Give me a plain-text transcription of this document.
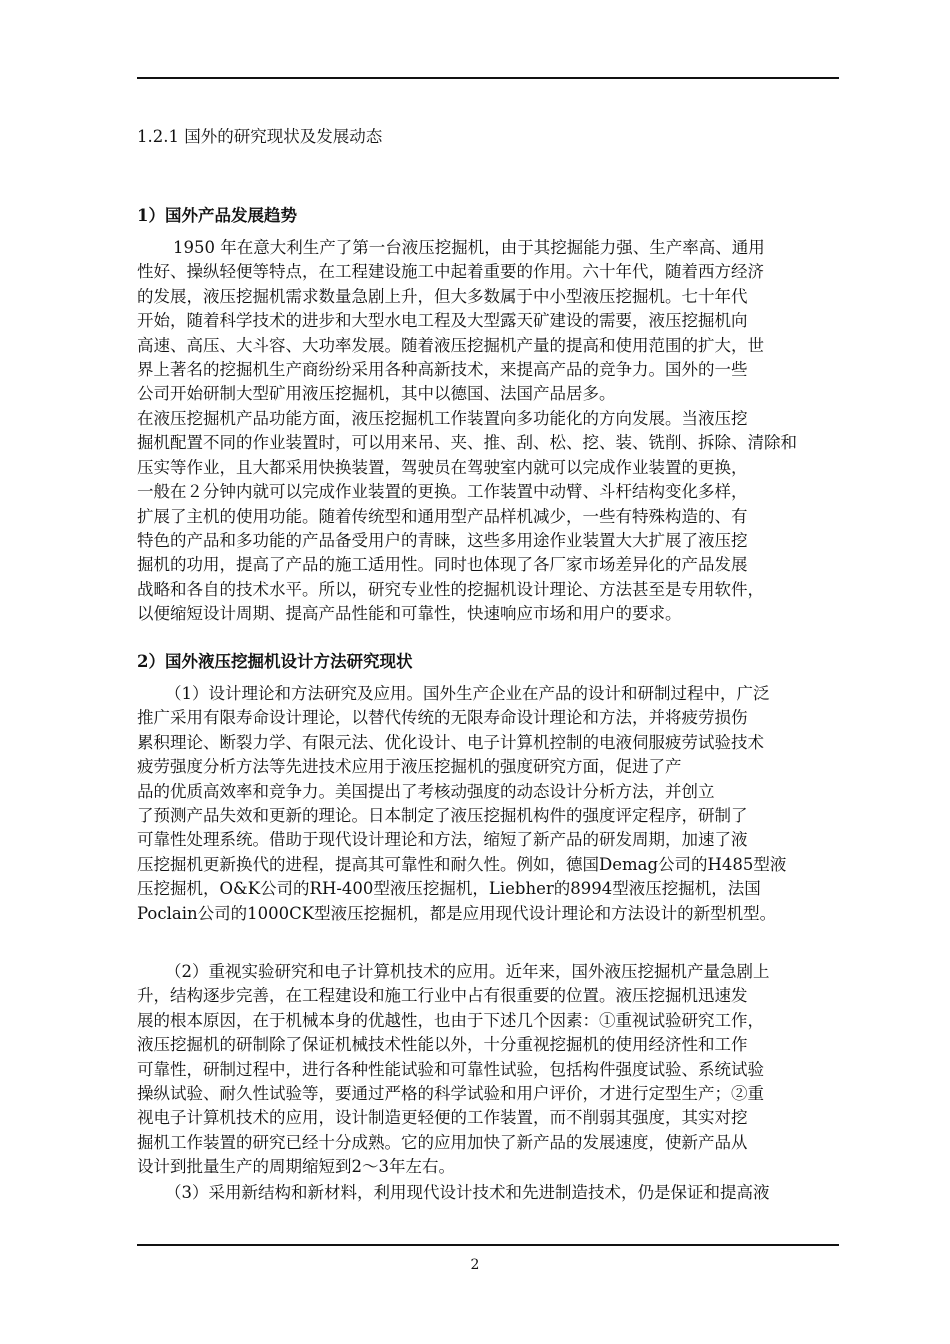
1.2.1 国外的研究现状及发展动态
1）国外产品发展趋势
1950 年在意大利生产了第一台液压挖掘机，由于其挖掘能力强、生产率高、通用
性好、操纵轻便等特点，在工程建设施工中起着重要的作用。六十年代，随着西方经济
的发展，液压挖掘机需求数量急剧上升，但大多数属于中小型液压挖掘机。七十年代
开始，随着科学技术的进步和大型水电工程及大型露天矿建设的需要，液压挖掘机向
高速、高压、大斗容、大功率发展。随着液压挖掘机产量的提高和使用范围的扩大，世
界上著名的挖掘机生产商纷纷采用各种高新技术，来提高产品的竞争力。国外的一些
公司开始研制大型矿用液压挖掘机，其中以德国、法国产品居多。
在液压挖掘机产品功能方面，液压挖掘机工作装置向多功能化的方向发展。当液压挖
掘机配置不同的作业装置时，可以用来吊、夹、推、刮、松、挖、装、铣削、拆除、清除和
压实等作业，且大都采用快换装置，驾驶员在驾驶室内就可以完成作业装置的更换，
一般在２分钟内就可以完成作业装置的更换。工作装置中动臂、斗杆结构变化多样，
扩展了主机的使用功能。随着传统型和通用型产品样机减少，一些有特殊构造的、有
特色的产品和多功能的产品备受用户的青睐，这些多用途作业装置大大扩展了液压挖
掘机的功用，提高了产品的施工适用性。同时也体现了各厂家市场差异化的产品发展
战略和各自的技术水平。所以，研究专业性的挖掘机设计理论、方法甚至是专用软件，
以便缩短设计周期、提高产品性能和可靠性，快速响应市场和用户的要求。
2）国外液压挖掘机设计方法研究现状
（1）设计理论和方法研究及应用。国外生产企业在产品的设计和研制过程中，广泛
推广采用有限寿命设计理论，以替代传统的无限寿命设计理论和方法，并将疲劳损伤
累积理论、断裂力学、有限元法、优化设计、电子计算机控制的电液伺服疲劳试验技术
疲劳强度分析方法等先进技术应用于液压挖掘机的强度研究方面，促进了产
品的优质高效率和竞争力。美国提出了考核动强度的动态设计分析方法，并创立
了预测产品失效和更新的理论。日本制定了液压挖掘机构件的强度评定程序，研制了
可靠性处理系统。借助于现代设计理论和方法，缩短了新产品的研发周期，加速了液
压挖掘机更新换代的进程，提高其可靠性和耐久性。例如，德国Demag公司的H485型液
压挖掘机，O&K公司的RH-400型液压挖掘机，Liebher的8994型液压挖掘机，法国
Poclain公司的1000CK型液压挖掘机，都是应用现代设计理论和方法设计的新型机型。
（2）重视实验研究和电子计算机技术的应用。近年来，国外液压挖掘机产量急剧上
升，结构逐步完善，在工程建设和施工行业中占有很重要的位置。液压挖掘机迅速发
展的根本原因，在于机械本身的优越性，也由于下述几个因素：①重视试验研究工作，
液压挖掘机的研制除了保证机械技术性能以外，十分重视挖掘机的使用经济性和工作
可靠性，研制过程中，进行各种性能试验和可靠性试验，包括构件强度试验、系统试验
操纵试验、耐久性试验等，要通过严格的科学试验和用户评价，才进行定型生产；②重
视电子计算机技术的应用，设计制造更轻便的工作装置，而不削弱其强度，其实对挖
掘机工作装置的研究已经十分成熟。它的应用加快了新产品的发展速度，使新产品从
设计到批量生产的周期缩短到2～3年左右。
（3）采用新结构和新材料，利用现代设计技术和先进制造技术，仍是保证和提高液
2
